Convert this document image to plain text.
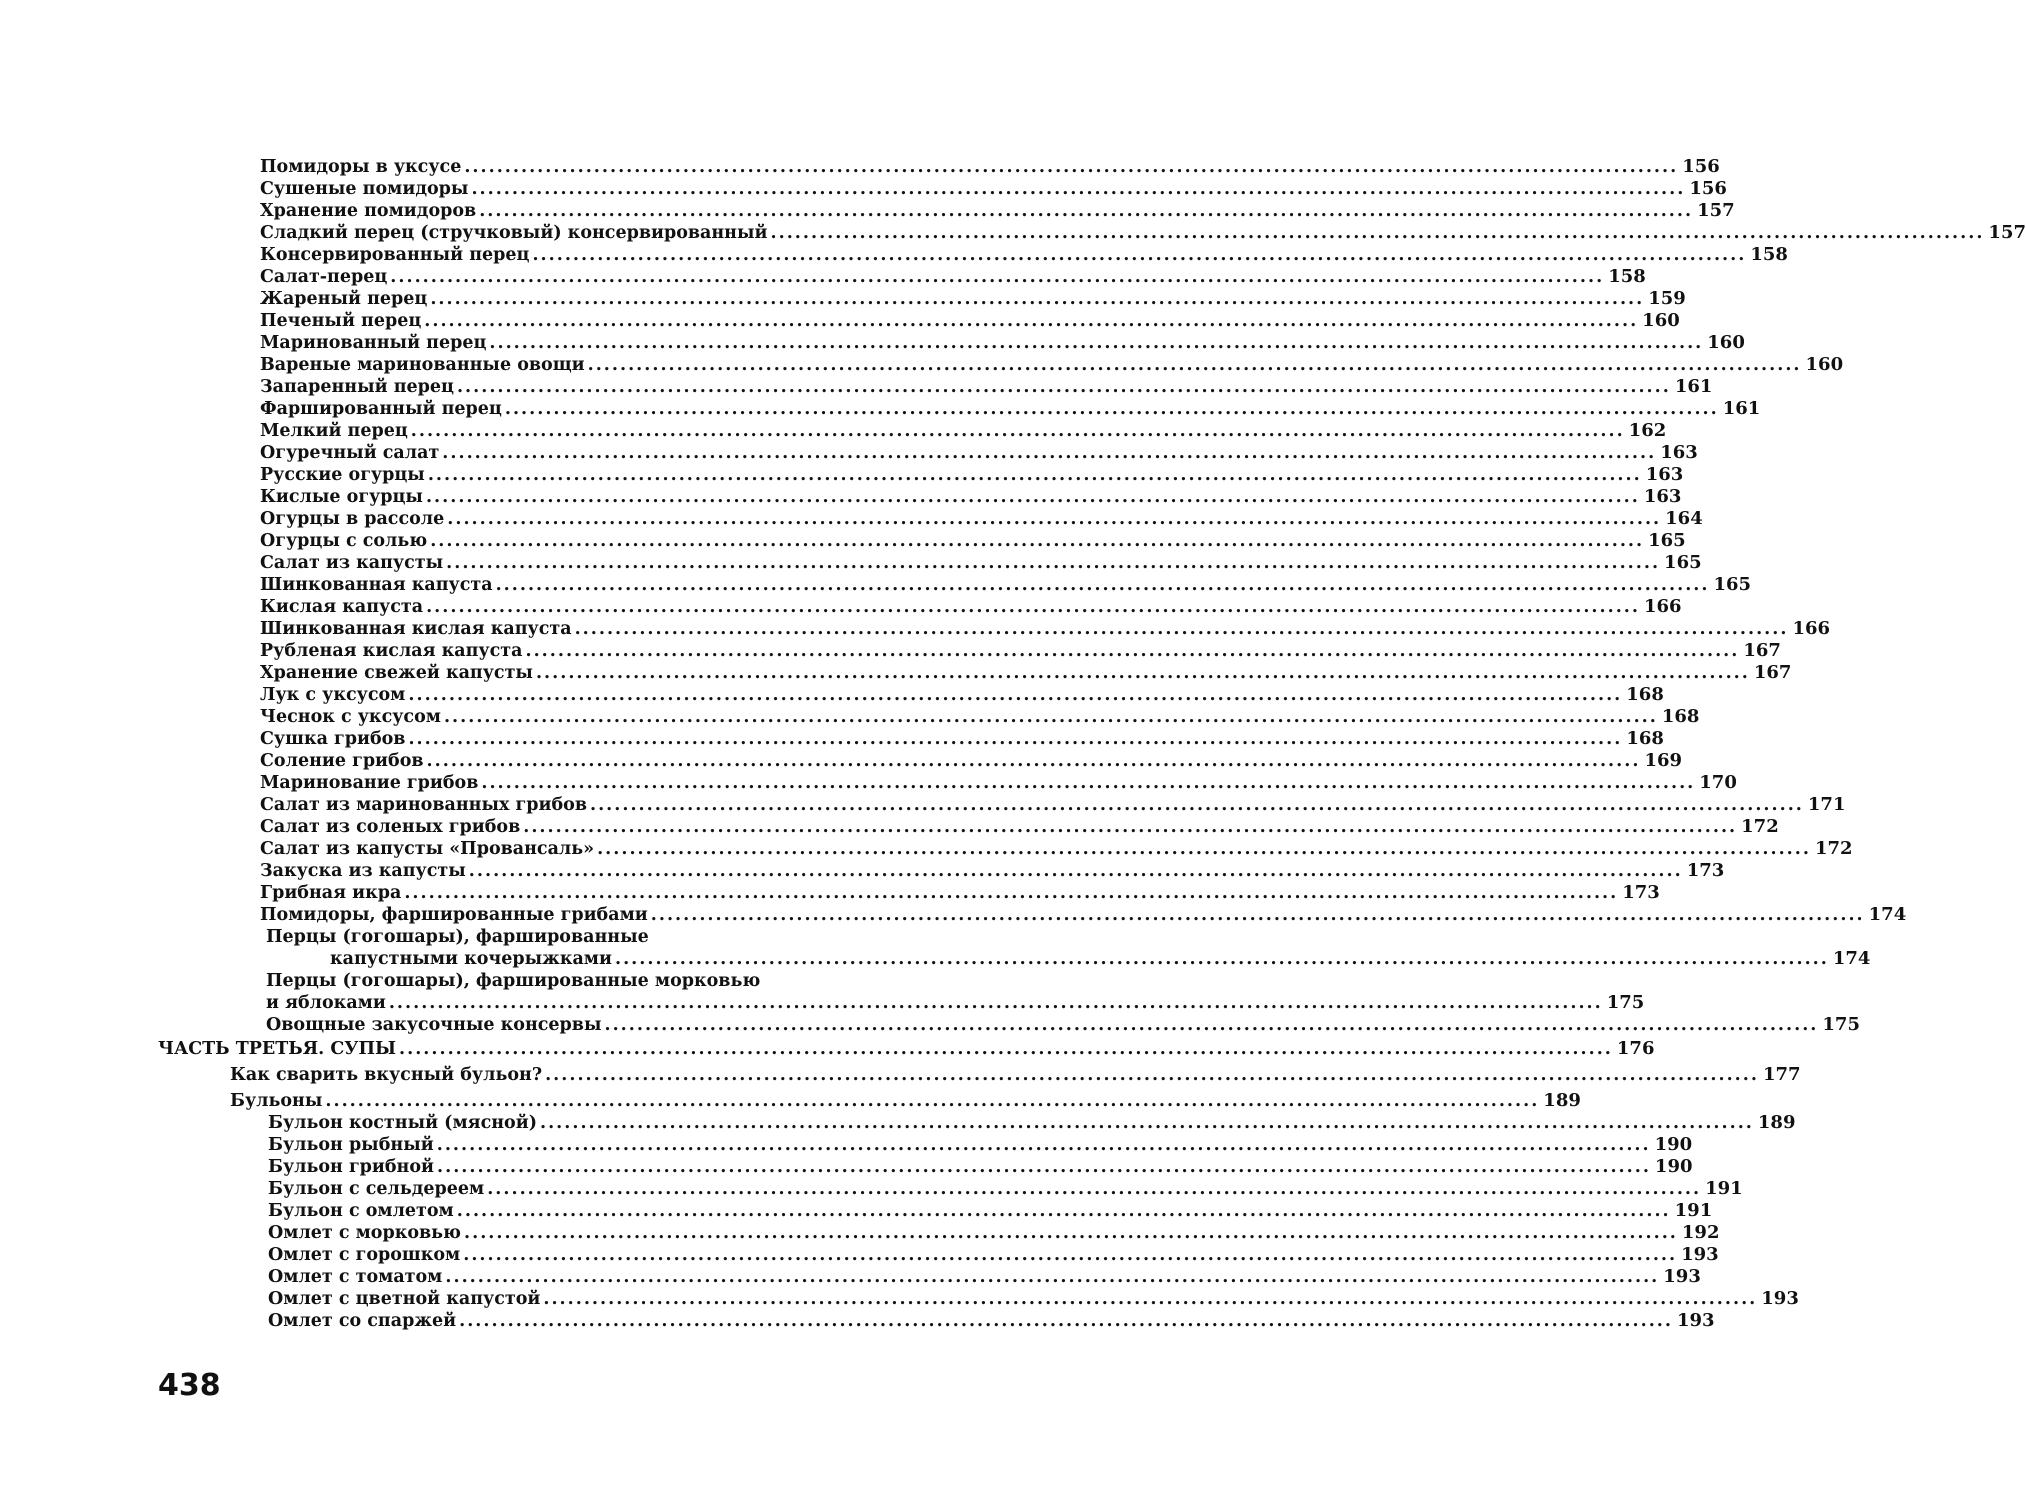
Помидоры в уксусе .....	156
Сушеные помидоры .....	156
Хранение помидоров .....	157
Сладкий перец (стручковый) консервированный .....	157
Консервированный перец .....	158
Салат-перец .....	158
Жареный перец .....	159
Печеный перец .....	160
Маринованный перец .....	160
Вареные маринованные овощи .....	160
Запаренный перец .....	161
Фаршированный перец .....	161
Мелкий перец .....	162
Огуречный салат .....	163
Русские огурцы .....	163
Кислые огурцы .....	163
Огурцы в рассоле .....	164
Огурцы с солью .....	165
Салат из капусты .....	165
Шинкованная капуста .....	165
Кислая капуста .....	166
Шинкованная кислая капуста .....	166
Рубленая кислая капуста .....	167
Хранение свежей капусты .....	167
Лук с уксусом .....	168
Чеснок с уксусом .....	168
Сушка грибов .....	168
Соление грибов .....	169
Маринование грибов .....	170
Салат из маринованных грибов .....	171
Салат из соленых грибов .....	172
Салат из капусты «Провансаль» .....	172
Закуска из капусты .....	173
Грибная икра .....	173
Помидоры, фаршированные грибами .....	174
Перцы (гогошары), фаршированные
капустными кочерыжками .....	174
Перцы (гогошары), фаршированные морковью
и яблоками .....	175
Овощные закусочные консервы .....	175
ЧАСТЬ ТРЕТЬЯ. СУПЫ .....	176
Как сварить вкусный бульон? .....	177
Бульоны .....	189
Бульон костный (мясной) .....	189
Бульон рыбный .....	190
Бульон грибной .....	190
Бульон с сельдереем .....	191
Бульон с омлетом .....	191
Омлет с морковью .....	192
Омлет с горошком .....	193
Омлет с томатом .....	193
Омлет с цветной капустой .....	193
Омлет со спаржей .....	193
438
